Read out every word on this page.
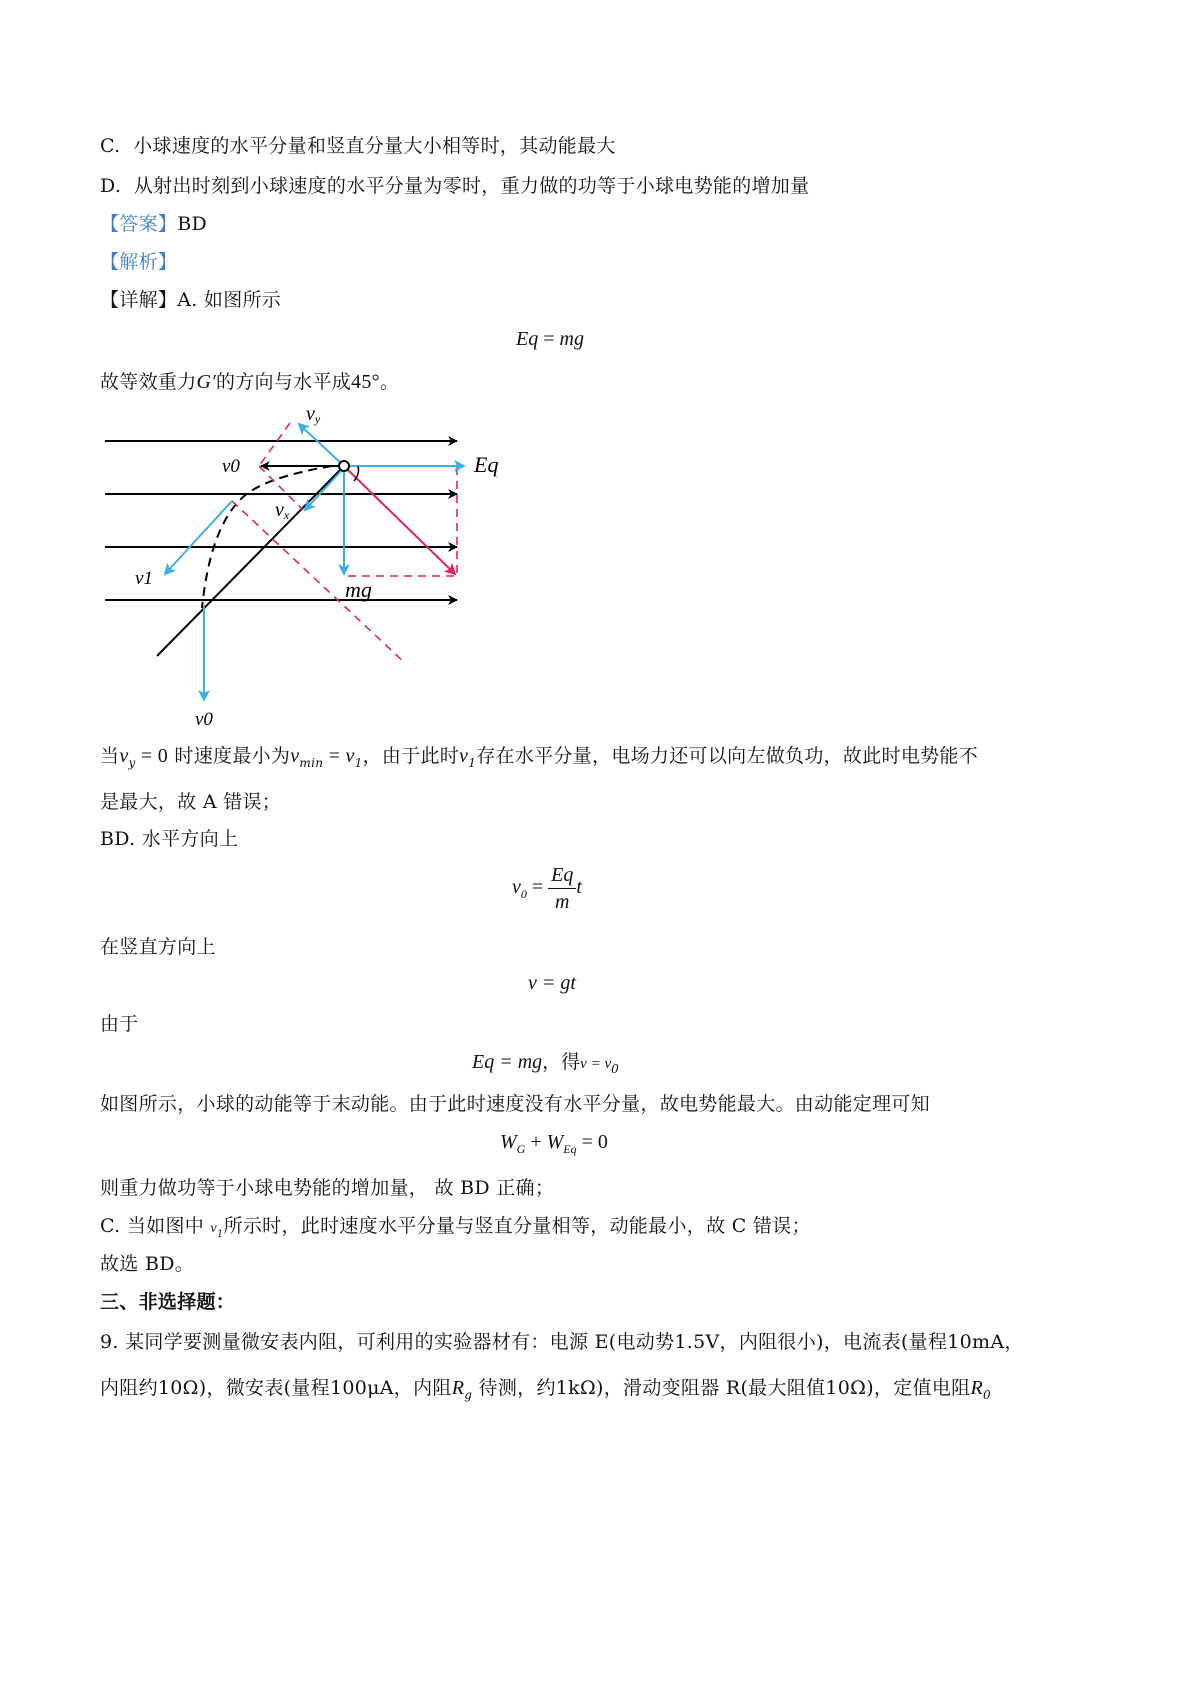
C. 小球速度的水平分量和竖直分量大小相等时，其动能最大
D. 从射出时刻到小球速度的水平分量为零时，重力做的功等于小球电势能的增加量
【答案】BD
【解析】
【详解】A. 如图所示
Eq = mg
故等效重力G′的方向与水平成45°。
vy
v0
vx
Eq
v1	mg
v0
当$v_y = 0$ 时速度最小为$v_{min} = v_1$，由于此时$v_1$存在水平分量，电场力还可以向左做负功，故此时电势能不
是最大，故 A 错误；
BD. 水平方向上
$v_0 = \frac{Eq}{m}$ t
在竖直方向上
v = gt
由于
Eq = mg，得$v = v_0$
如图所示，小球的动能等于末动能。由于此时速度没有水平分量，故电势能最大。由动能定理可知
$W_G + W_{Eq} = 0$
则重力做功等于小球电势能的增加量， 故 BD 正确；
C. 当如图中 $v_1$所示时，此时速度水平分量与竖直分量相等，动能最小，故 C 错误；
故选 BD。
三、非选择题：
9. 某同学要测量微安表内阻，可利用的实验器材有：电源 E(电动势1.5V，内阻很小)，电流表(量程10mA，
内阻约10Ω)，微安表(量程100μA，内阻$R_g$ 待测，约1kΩ)，滑动变阻器 R(最大阻值10Ω)，定值电阻$R_0$
